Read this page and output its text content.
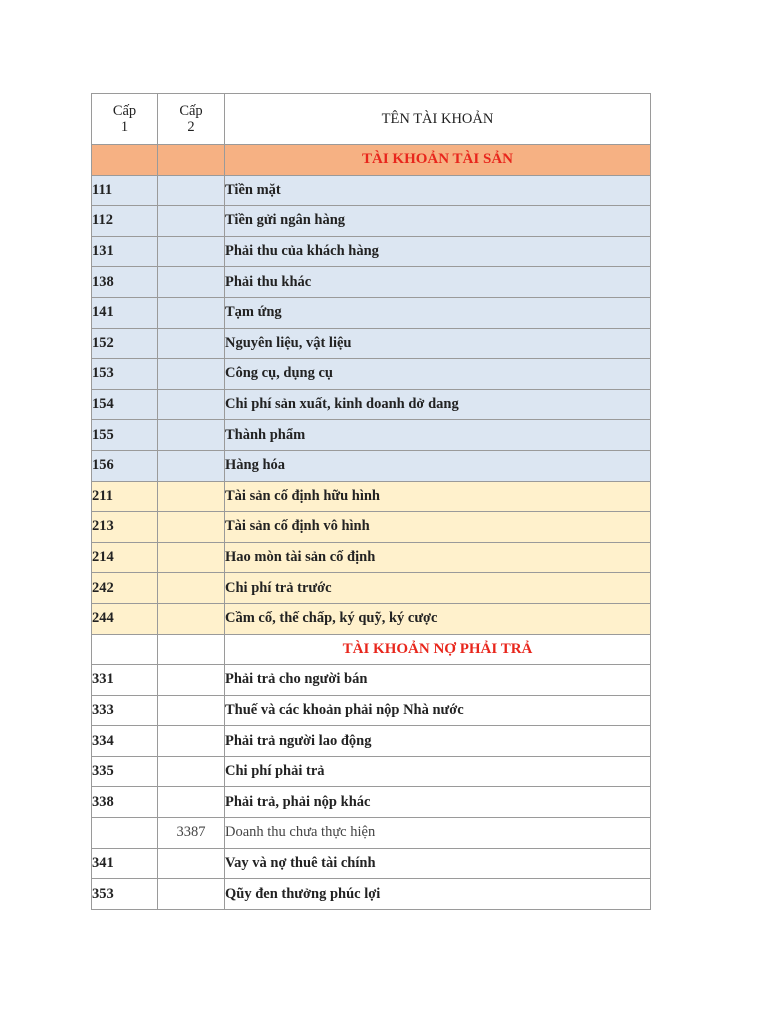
Cấp
1	Cấp
2	TÊN TÀI KHOẢN
		TÀI KHOẢN TÀI SẢN
111		Tiền mặt
112		Tiền gửi ngân hàng
131		Phải thu của khách hàng
138		Phải thu khác
141		Tạm ứng
152		Nguyên liệu, vật liệu
153		Công cụ, dụng cụ
154		Chi phí sản xuất, kinh doanh dở dang
155		Thành phẩm
156		Hàng hóa
211		Tài sản cố định hữu hình
213		Tài sản cố định vô hình
214		Hao mòn tài sản cố định
242		Chi phí trả trước
244		Cầm cố, thế chấp, ký quỹ, ký cược
		TÀI KHOẢN NỢ PHẢI TRẢ
331		Phải trả cho người bán
333		Thuế và các khoản phải nộp Nhà nước
334		Phải trả người lao động
335		Chi phí phải trả
338		Phải trả, phải nộp khác
	3387	Doanh thu chưa thực hiện
341		Vay và nợ thuê tài chính
353		Qũy đen thưởng phúc lợi
